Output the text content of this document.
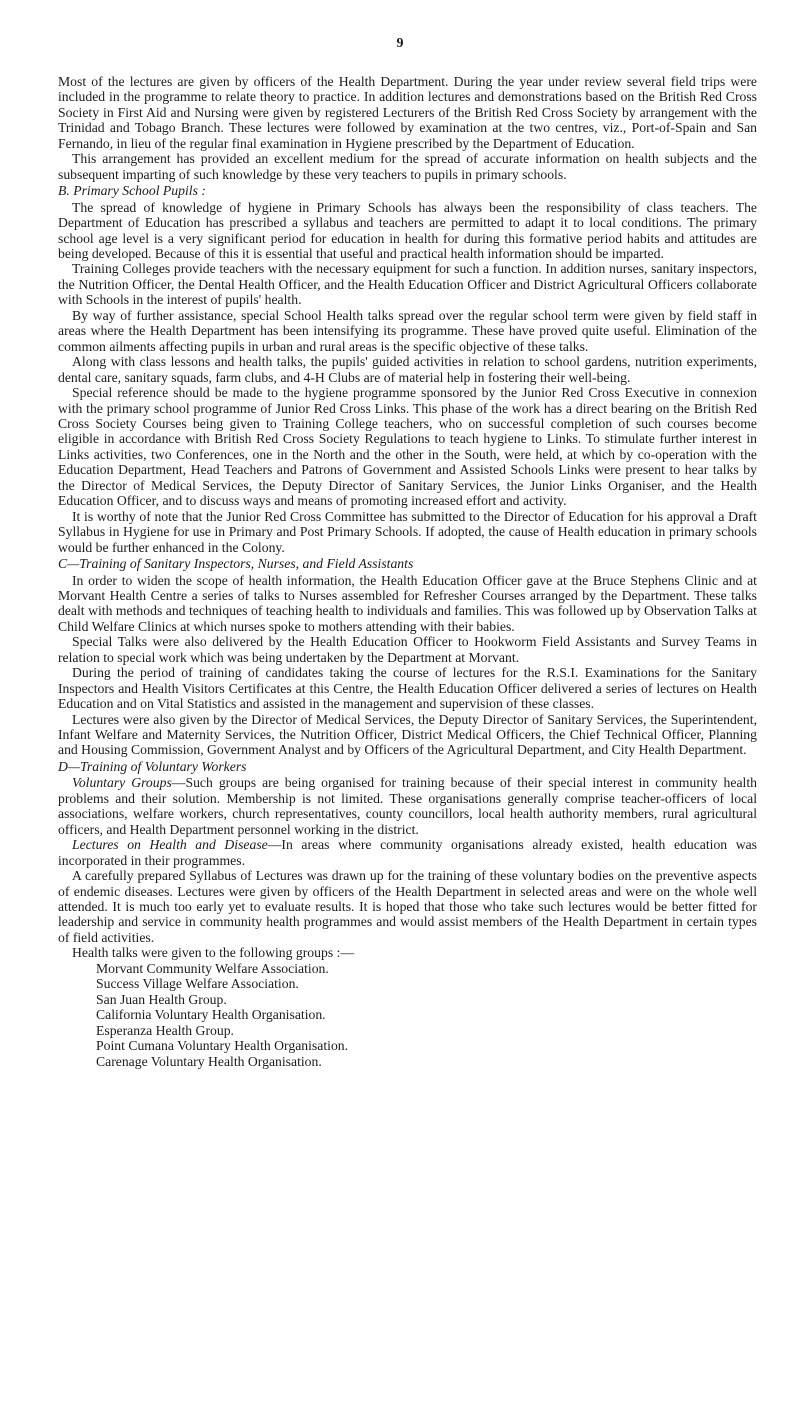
9

Most of the lectures are given by officers of the Health Department. During the year under review several field trips were included in the programme to relate theory to practice. In addition lectures and demonstrations based on the British Red Cross Society in First Aid and Nursing were given by registered Lecturers of the British Red Cross Society by arrangement with the Trinidad and Tobago Branch. These lectures were followed by examination at the two centres, viz., Port-of-Spain and San Fernando, in lieu of the regular final examination in Hygiene prescribed by the Department of Education.

This arrangement has provided an excellent medium for the spread of accurate information on health subjects and the subsequent imparting of such knowledge by these very teachers to pupils in primary schools.

B. Primary School Pupils :

The spread of knowledge of hygiene in Primary Schools has always been the responsibility of class teachers. The Department of Education has prescribed a syllabus and teachers are permitted to adapt it to local conditions. The primary school age level is a very significant period for education in health for during this formative period habits and attitudes are being developed. Because of this it is essential that useful and practical health information should be imparted.

Training Colleges provide teachers with the necessary equipment for such a function. In addition nurses, sanitary inspectors, the Nutrition Officer, the Dental Health Officer, and the Health Education Officer and District Agricultural Officers collaborate with Schools in the interest of pupils' health.

By way of further assistance, special School Health talks spread over the regular school term were given by field staff in areas where the Health Department has been intensifying its programme. These have proved quite useful. Elimination of the common ailments affecting pupils in urban and rural areas is the specific objective of these talks.

Along with class lessons and health talks, the pupils' guided activities in relation to school gardens, nutrition experiments, dental care, sanitary squads, farm clubs, and 4-H Clubs are of material help in fostering their well-being.

Special reference should be made to the hygiene programme sponsored by the Junior Red Cross Executive in connexion with the primary school programme of Junior Red Cross Links. This phase of the work has a direct bearing on the British Red Cross Society Courses being given to Training College teachers, who on successful completion of such courses become eligible in accordance with British Red Cross Society Regulations to teach hygiene to Links. To stimulate further interest in Links activities, two Conferences, one in the North and the other in the South, were held, at which by co-operation with the Education Department, Head Teachers and Patrons of Government and Assisted Schools Links were present to hear talks by the Director of Medical Services, the Deputy Director of Sanitary Services, the Junior Links Organiser, and the Health Education Officer, and to discuss ways and means of promoting increased effort and activity.

It is worthy of note that the Junior Red Cross Committee has submitted to the Director of Education for his approval a Draft Syllabus in Hygiene for use in Primary and Post Primary Schools. If adopted, the cause of Health education in primary schools would be further enhanced in the Colony.

C—Training of Sanitary Inspectors, Nurses, and Field Assistants

In order to widen the scope of health information, the Health Education Officer gave at the Bruce Stephens Clinic and at Morvant Health Centre a series of talks to Nurses assembled for Refresher Courses arranged by the Department. These talks dealt with methods and techniques of teaching health to individuals and families. This was followed up by Observation Talks at Child Welfare Clinics at which nurses spoke to mothers attending with their babies.

Special Talks were also delivered by the Health Education Officer to Hookworm Field Assistants and Survey Teams in relation to special work which was being undertaken by the Department at Morvant.

During the period of training of candidates taking the course of lectures for the R.S.I. Examinations for the Sanitary Inspectors and Health Visitors Certificates at this Centre, the Health Education Officer delivered a series of lectures on Health Education and on Vital Statistics and assisted in the management and supervision of these classes.

Lectures were also given by the Director of Medical Services, the Deputy Director of Sanitary Services, the Superintendent, Infant Welfare and Maternity Services, the Nutrition Officer, District Medical Officers, the Chief Technical Officer, Planning and Housing Commission, Government Analyst and by Officers of the Agricultural Department, and City Health Department.

D—Training of Voluntary Workers

Voluntary Groups—Such groups are being organised for training because of their special interest in community health problems and their solution. Membership is not limited. These organisations generally comprise teacher-officers of local associations, welfare workers, church representatives, county councillors, local health authority members, rural agricultural officers, and Health Department personnel working in the district.

Lectures on Health and Disease—In areas where community organisations already existed, health education was incorporated in their programmes.

A carefully prepared Syllabus of Lectures was drawn up for the training of these voluntary bodies on the preventive aspects of endemic diseases. Lectures were given by officers of the Health Department in selected areas and were on the whole well attended. It is much too early yet to evaluate results. It is hoped that those who take such lectures would be better fitted for leadership and service in community health programmes and would assist members of the Health Department in certain types of field activities.

Health talks were given to the following groups :—

Morvant Community Welfare Association.
Success Village Welfare Association.
San Juan Health Group.
California Voluntary Health Organisation.
Esperanza Health Group.
Point Cumana Voluntary Health Organisation.
Carenage Voluntary Health Organisation.
